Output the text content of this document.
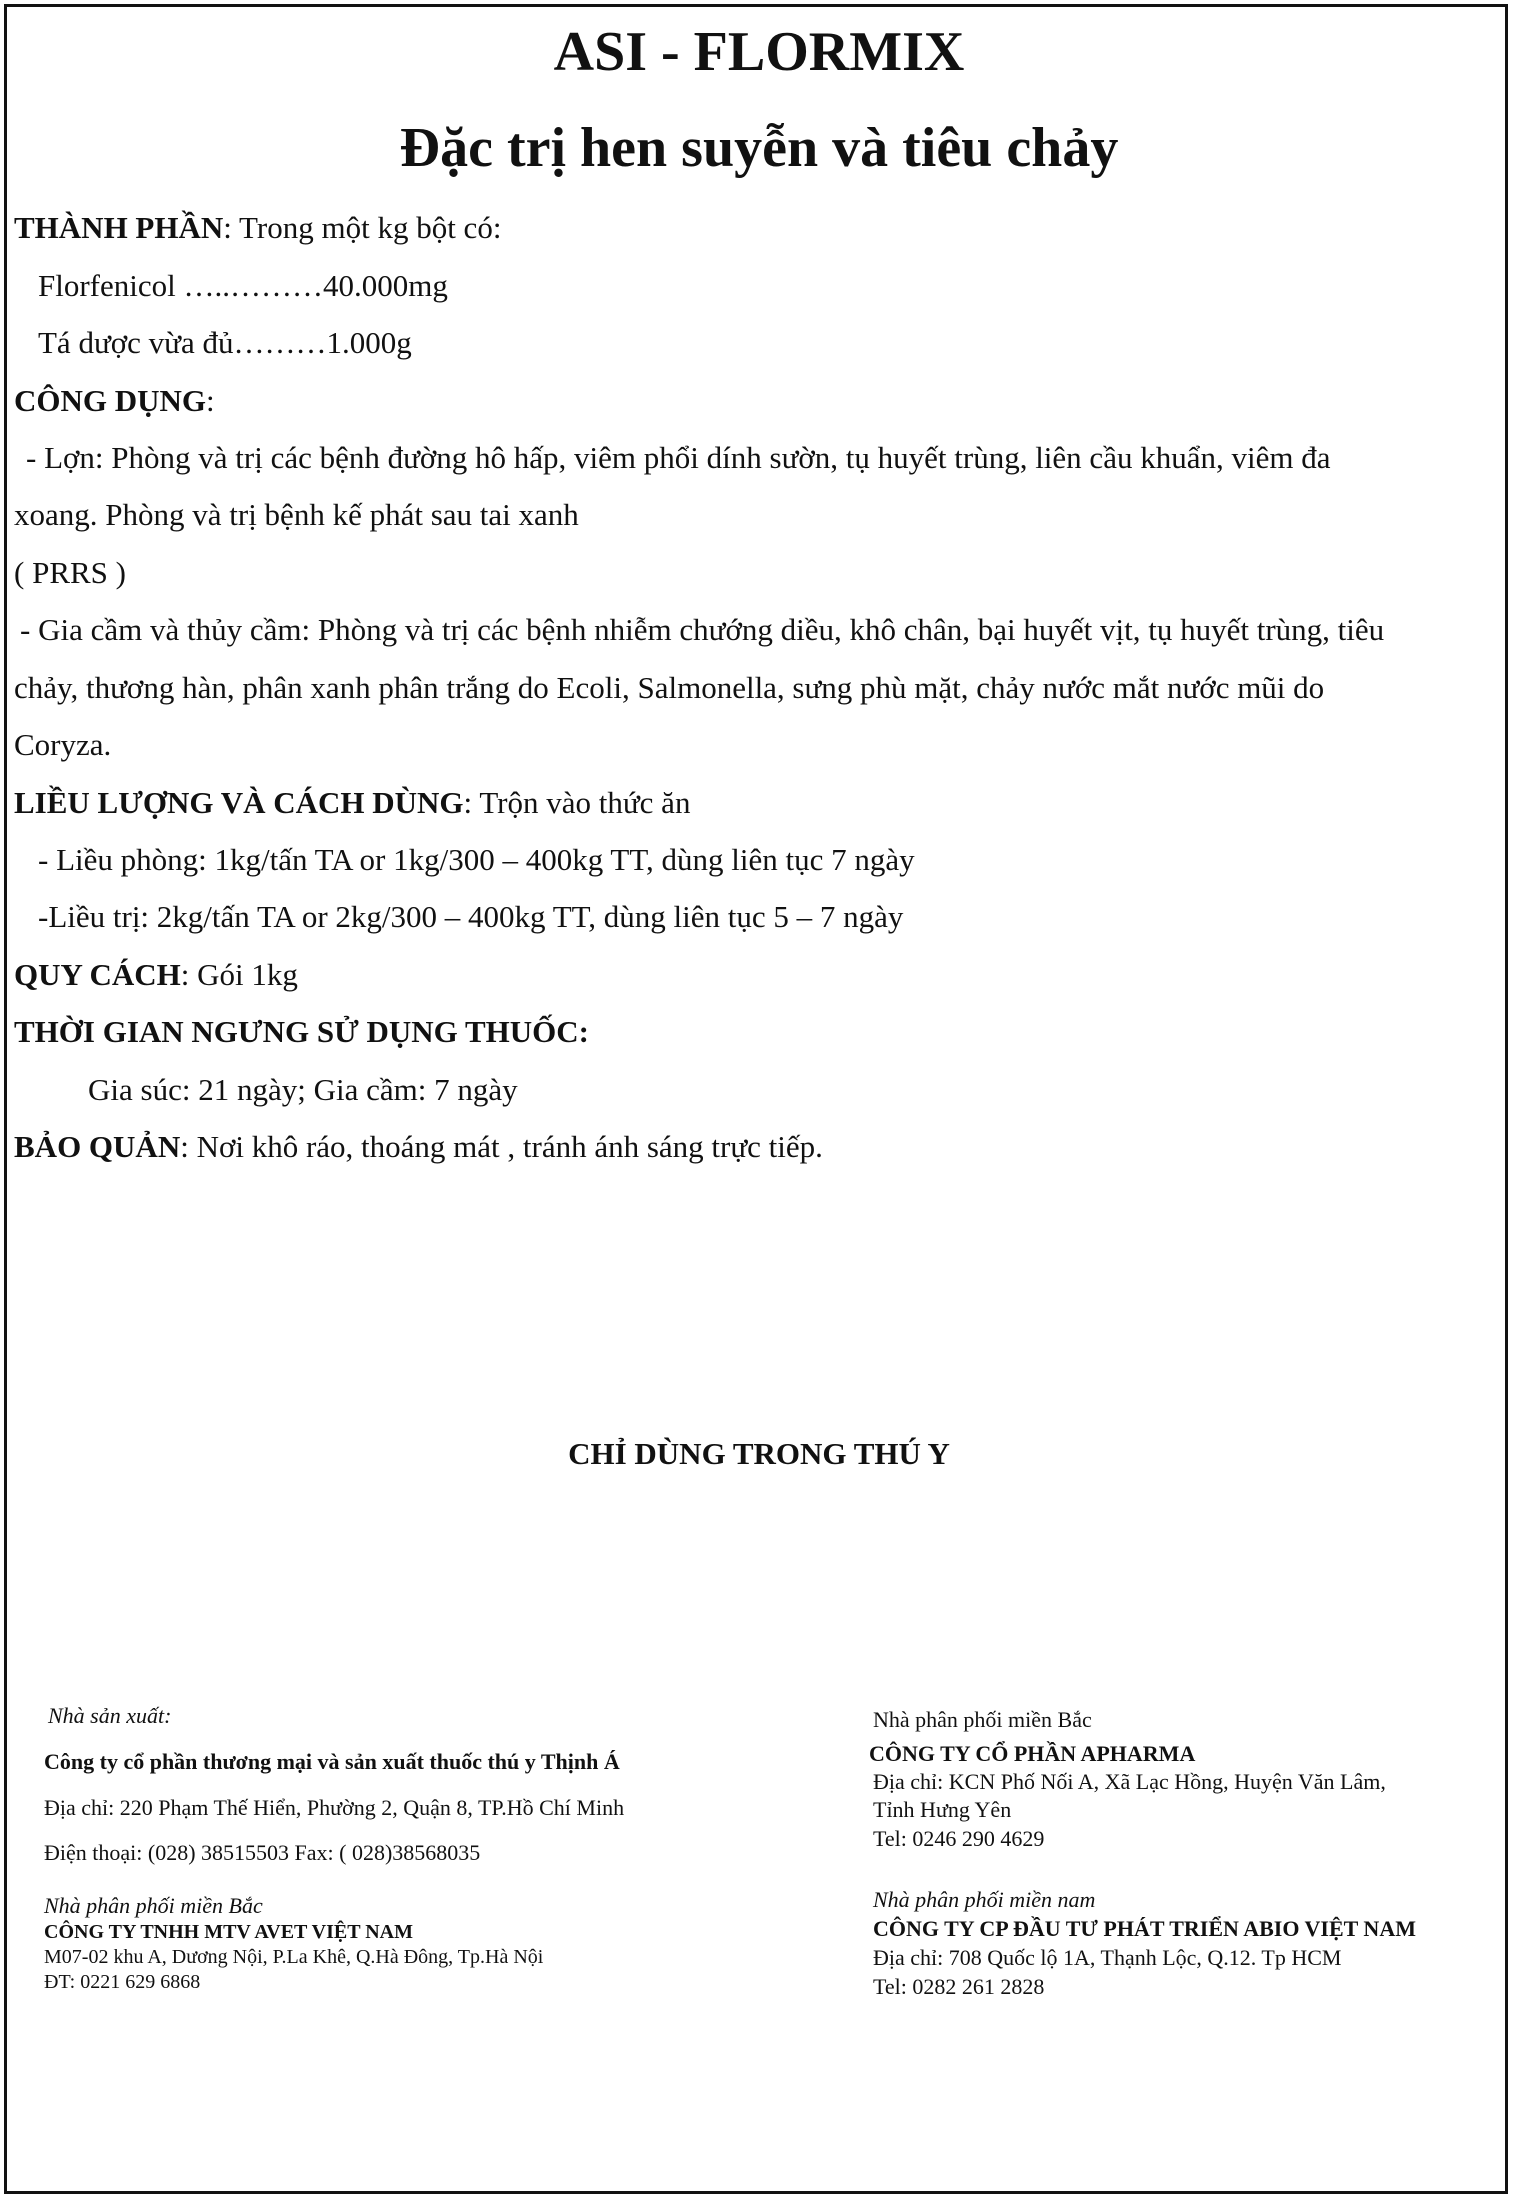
ASI - FLORMIX
Đặc trị hen suyễn và tiêu chảy
THÀNH PHẦN: Trong một kg bột có:
Florfenicol …..………40.000mg
Tá dược vừa đủ………1.000g
CÔNG DỤNG:
- Lợn: Phòng và trị các bệnh đường hô hấp, viêm phổi dính sườn, tụ huyết trùng, liên cầu khuẩn, viêm đa
xoang. Phòng và trị bệnh kế phát sau tai xanh
( PRRS )
- Gia cầm và thủy cầm: Phòng và trị các bệnh nhiễm chướng diều, khô chân, bại huyết vịt, tụ huyết trùng, tiêu
chảy, thương hàn, phân xanh phân trắng do Ecoli, Salmonella, sưng phù mặt, chảy nước mắt nước mũi do
Coryza.
LIỀU LƯỢNG VÀ CÁCH DÙNG: Trộn vào thức ăn
- Liều phòng: 1kg/tấn TA or 1kg/300 – 400kg TT, dùng liên tục 7 ngày
-Liều trị: 2kg/tấn TA or 2kg/300 – 400kg TT, dùng liên tục 5 – 7 ngày
QUY CÁCH: Gói 1kg
THỜI GIAN NGƯNG SỬ DỤNG THUỐC:
Gia súc: 21 ngày; Gia cầm: 7 ngày
BẢO QUẢN: Nơi khô ráo, thoáng mát , tránh ánh sáng trực tiếp.
CHỈ DÙNG TRONG THÚ Y
Nhà sản xuất:
Công ty cổ phần thương mại và sản xuất thuốc thú y Thịnh Á
Địa chỉ: 220 Phạm Thế Hiển, Phường 2, Quận 8, TP.Hồ Chí Minh
Điện thoại: (028) 38515503 Fax: ( 028)38568035
Nhà phân phối miền Bắc
CÔNG TY TNHH MTV AVET VIỆT NAM
M07-02 khu A, Dương Nội, P.La Khê, Q.Hà Đông, Tp.Hà Nội
ĐT: 0221 629 6868
Nhà phân phối miền Bắc
CÔNG TY CỔ PHẦN APHARMA
Địa chỉ: KCN Phố Nối A, Xã Lạc Hồng, Huyện Văn Lâm,
Tỉnh Hưng Yên
Tel: 0246 290 4629
Nhà phân phối miền nam
CÔNG TY CP ĐẦU TƯ PHÁT TRIỂN ABIO VIỆT NAM
Địa chỉ: 708 Quốc lộ 1A, Thạnh Lộc, Q.12. Tp HCM
Tel: 0282 261 2828
